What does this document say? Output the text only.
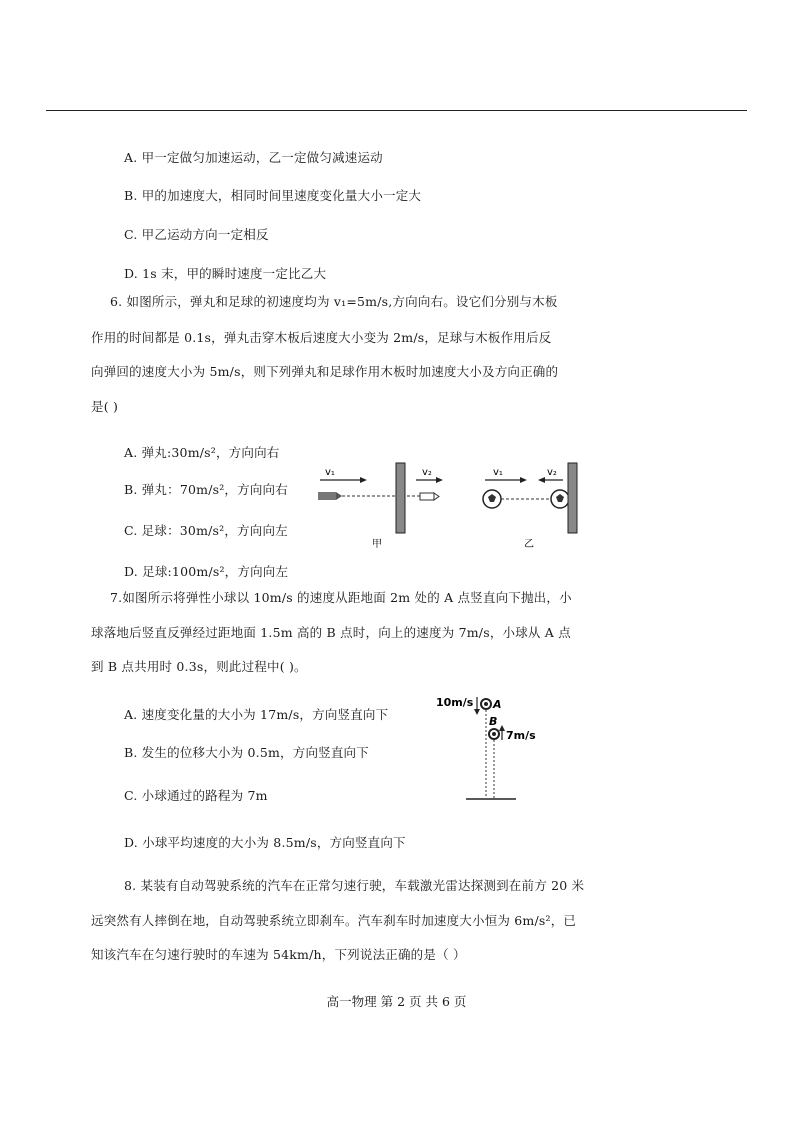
A. 甲一定做匀加速运动，乙一定做匀减速运动
B. 甲的加速度大，相同时间里速度变化量大小一定大
C. 甲乙运动方向一定相反
D. 1s 末，甲的瞬时速度一定比乙大
6. 如图所示，弹丸和足球的初速度均为 v₁=5m/s,方向向右。设它们分别与木板
作用的时间都是 0.1s，弹丸击穿木板后速度大小变为 2m/s，足球与木板作用后反
向弹回的速度大小为 5m/s，则下列弹丸和足球作用木板时加速度大小及方向正确的
是( )
A. 弹丸:30m/s²，方向向右
B. 弹丸：70m/s²，方向向右
C. 足球：30m/s²，方向向左
D. 足球:100m/s²，方向向左
v₁	v₂
甲
v₁	v₂
乙
7.如图所示将弹性小球以 10m/s 的速度从距地面 2m 处的 A 点竖直向下抛出，小
球落地后竖直反弹经过距地面 1.5m 高的 B 点时，向上的速度为 7m/s，小球从 A 点
到 B 点共用时 0.3s，则此过程中( )。
A. 速度变化量的大小为 17m/s，方向竖直向下
B. 发生的位移大小为 0.5m，方向竖直向下
C. 小球通过的路程为 7m
D. 小球平均速度的大小为 8.5m/s，方向竖直向下
10m/s A
B
7m/s
8. 某装有自动驾驶系统的汽车在正常匀速行驶，车载激光雷达探测到在前方 20 米
远突然有人摔倒在地，自动驾驶系统立即刹车。汽车刹车时加速度大小恒为 6m/s²，已
知该汽车在匀速行驶时的车速为 54km/h，下列说法正确的是（ ）
高一物理 第 2 页 共 6 页
